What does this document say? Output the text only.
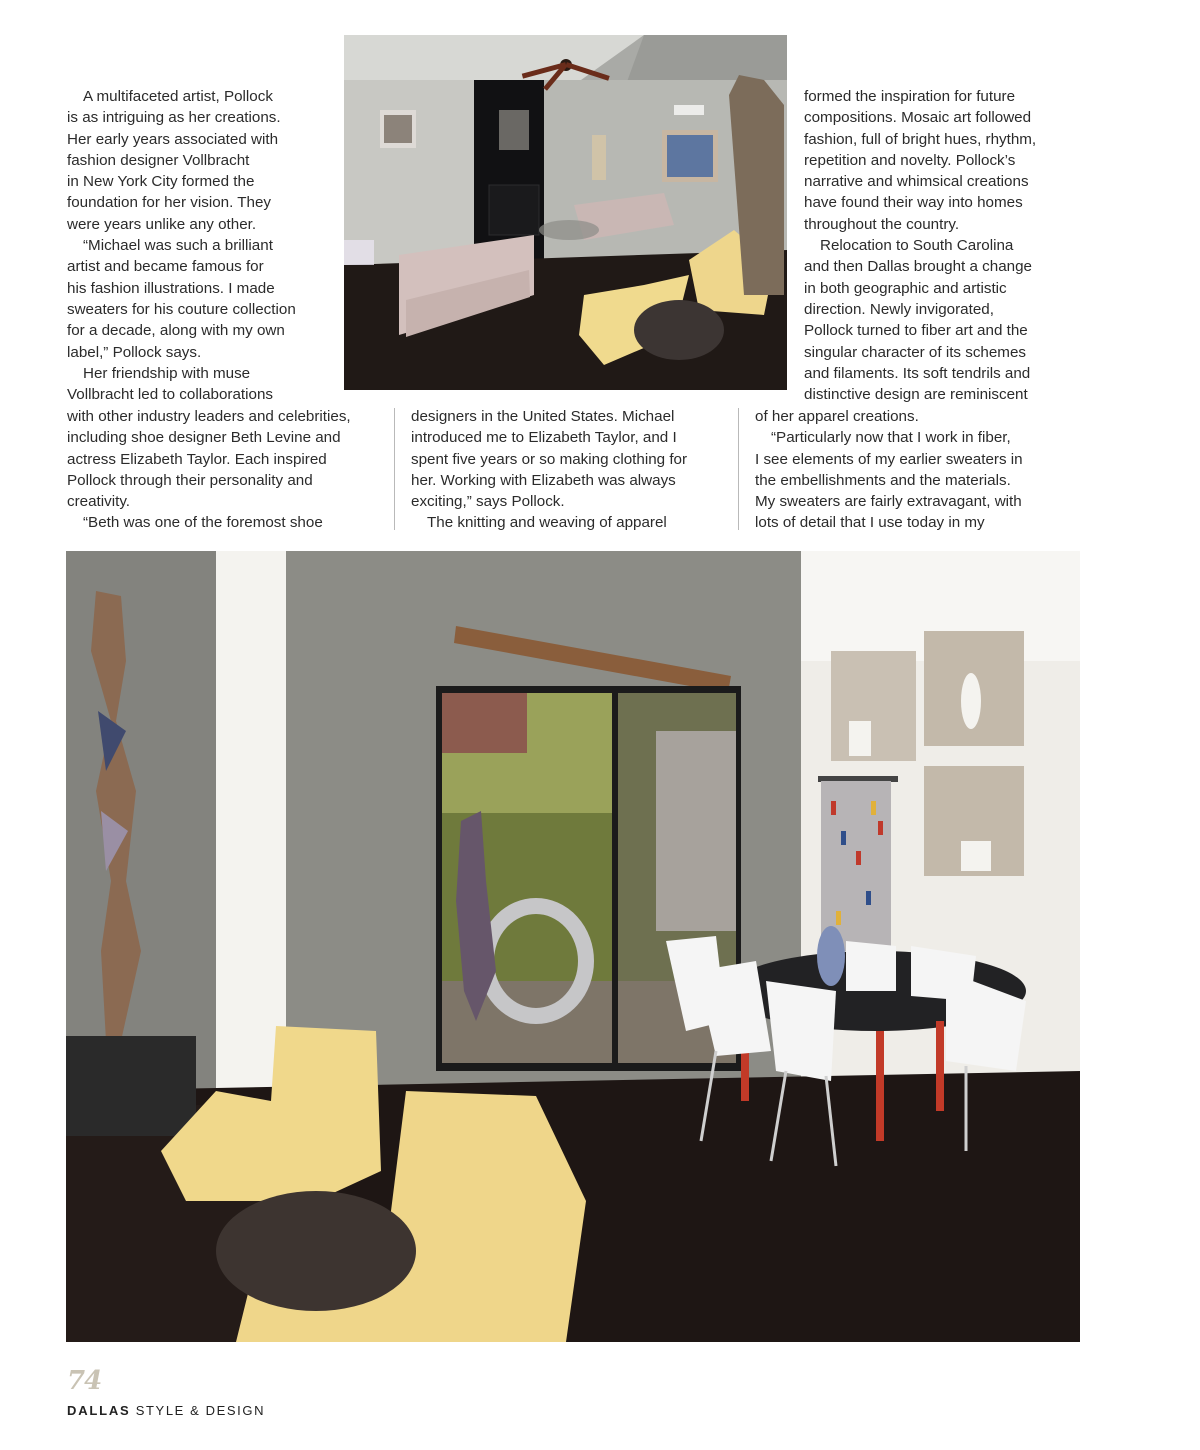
A multifaceted artist, Pollock
is as intriguing as her creations.
Her early years associated with
fashion designer Vollbracht
in New York City formed the
foundation for her vision. They
were years unlike any other.
“Michael was such a brilliant
artist and became famous for
his fashion illustrations. I made
sweaters for his couture collection
for a decade, along with my own
label,” Pollock says.
Her friendship with muse
Vollbracht led to collaborations
formed the inspiration for future
compositions. Mosaic art followed
fashion, full of bright hues, rhythm,
repetition and novelty. Pollock’s
narrative and whimsical creations
have found their way into homes
throughout the country.
Relocation to South Carolina
and then Dallas brought a change
in both geographic and artistic
direction. Newly invigorated,
Pollock turned to fiber art and the
singular character of its schemes
and filaments. Its soft tendrils and
distinctive design are reminiscent
with other industry leaders and celebrities,
including shoe designer Beth Levine and
actress Elizabeth Taylor. Each inspired
Pollock through their personality and
creativity.
“Beth was one of the foremost shoe
designers in the United States. Michael
introduced me to Elizabeth Taylor, and I
spent five years or so making clothing for
her. Working with Elizabeth was always
exciting,” says Pollock.
The knitting and weaving of apparel
of her apparel creations.
“Particularly now that I work in fiber,
I see elements of my earlier sweaters in
the embellishments and the materials.
My sweaters are fairly extravagant, with
lots of detail that I use today in my
74
DALLAS STYLE & DESIGN
